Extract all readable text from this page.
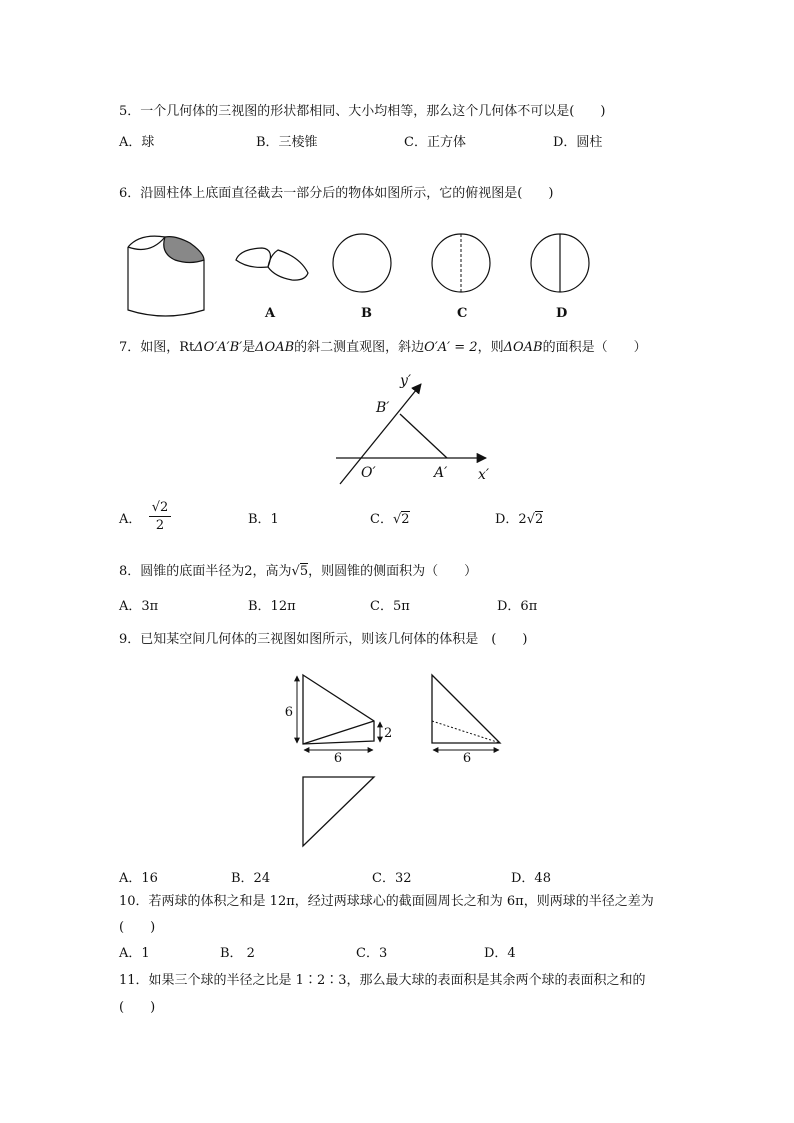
5．一个几何体的三视图的形状都相同、大小均相等，那么这个几何体不可以是(　　)
A．球	B．三棱锥	C．正方体	D．圆柱
6．沿圆柱体上底面直径截去一部分后的物体如图所示，它的俯视图是(　　)
A	B	C	D
7．如图，RtΔO′A′B′是ΔOAB的斜二测直观图，斜边O′A′ = 2，则ΔOAB的面积是（　　）
y′
B′
O′	A′ x′
A． $\frac{√2}{2}$	B．1	C．√2	D．2√2
8．圆锥的底面半径为2，高为√5，则圆锥的侧面积为（　　）
A．3π	B．12π	C．5π	D．6π
9．已知某空间几何体的三视图如图所示，则该几何体的体积是　(　　)
6
6
2
6
A．16	B．24	C．32	D．48
10．若两球的体积之和是 12π，经过两球球心的截面圆周长之和为 6π，则两球的半径之差为
(　　)
A．1	B． 2	C．3	D．4
11．如果三个球的半径之比是 1∶2∶3，那么最大球的表面积是其余两个球的表面积之和的
(　　)
